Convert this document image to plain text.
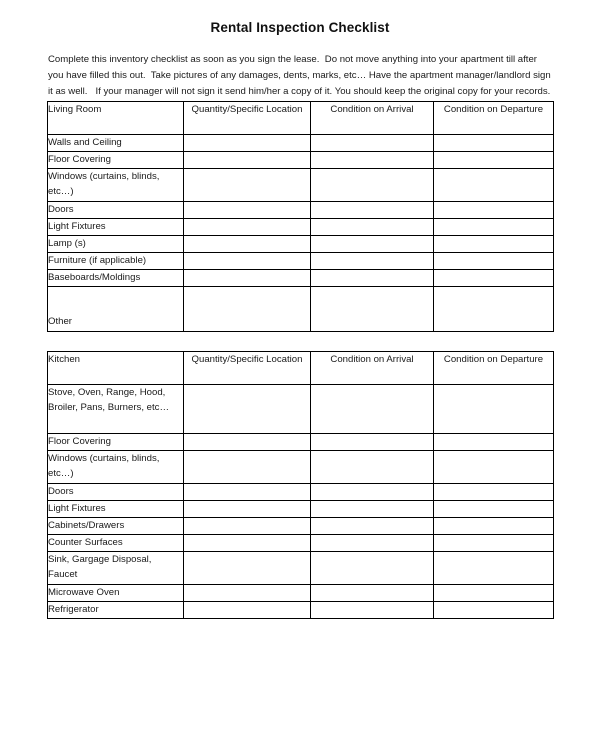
Rental Inspection Checklist

Complete this inventory checklist as soon as you sign the lease.  Do not move anything into your apartment till after you have filled this out.  Take pictures of any damages, dents, marks, etc… Have the apartment manager/landlord sign it as well.   If your manager will not sign it send him/her a copy of it. You should keep the original copy for your records.

Living Room	Quantity/Specific Location	Condition on Arrival	Condition on Departure
Walls and Ceiling			
Floor Covering			
Windows (curtains, blinds, etc…)			
Doors			
Light Fixtures			
Lamp (s)			
Furniture (if applicable)			
Baseboards/Moldings			
Other			
Kitchen	Quantity/Specific Location	Condition on Arrival	Condition on Departure
Stove, Oven, Range, Hood, Broiler, Pans, Burners, etc…			
Floor Covering			
Windows (curtains, blinds, etc…)			
Doors			
Light Fixtures			
Cabinets/Drawers			
Counter Surfaces			
Sink, Gargage Disposal, Faucet			
Microwave Oven			
Refrigerator			
